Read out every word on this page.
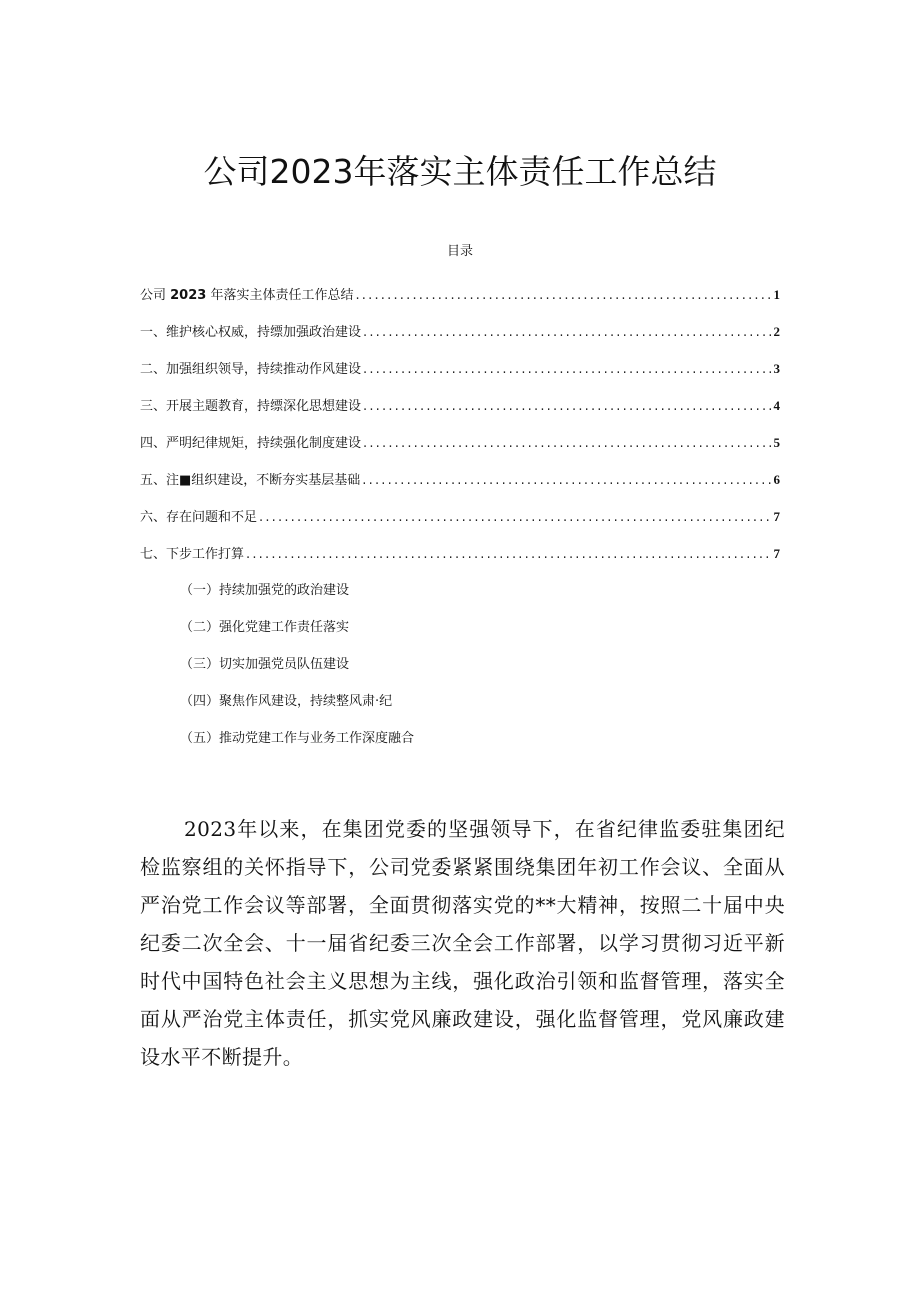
公司2023年落实主体责任工作总结
目录
公司 2023 年落实主体责任工作总结 .....	1
一、维护核心权威，持缥加强政治建设 .....	2
二、加强组织领导，持续推动作风建设 .....	3
三、开展主题教育，持缥深化思想建设 .....	4
四、严明纪律规矩，持续强化制度建设 .....	5
五、注■组织建设，不断夯实基层基础 .....	6
六、存在问题和不足 .....	7
七、下步工作打算 .....	7
（一）持续加强党的政治建设
（二）强化党建工作责任落实
（三）切实加强党员队伍建设
（四）聚焦作风建设，持续整风肃·纪
（五）推动党建工作与业务工作深度融合

2023年以来，在集团党委的坚强领导下，在省纪律监委驻集团纪检监察组的关怀指导下，公司党委紧紧围绕集团年初工作会议、全面从严治党工作会议等部署，全面贯彻落实党的**大精神，按照二十届中央纪委二次全会、十一届省纪委三次全会工作部署，以学习贯彻习近平新时代中国特色社会主义思想为主线，强化政治引领和监督管理，落实全面从严治党主体责任，抓实党风廉政建设，强化监督管理，党风廉政建设水平不断提升。
